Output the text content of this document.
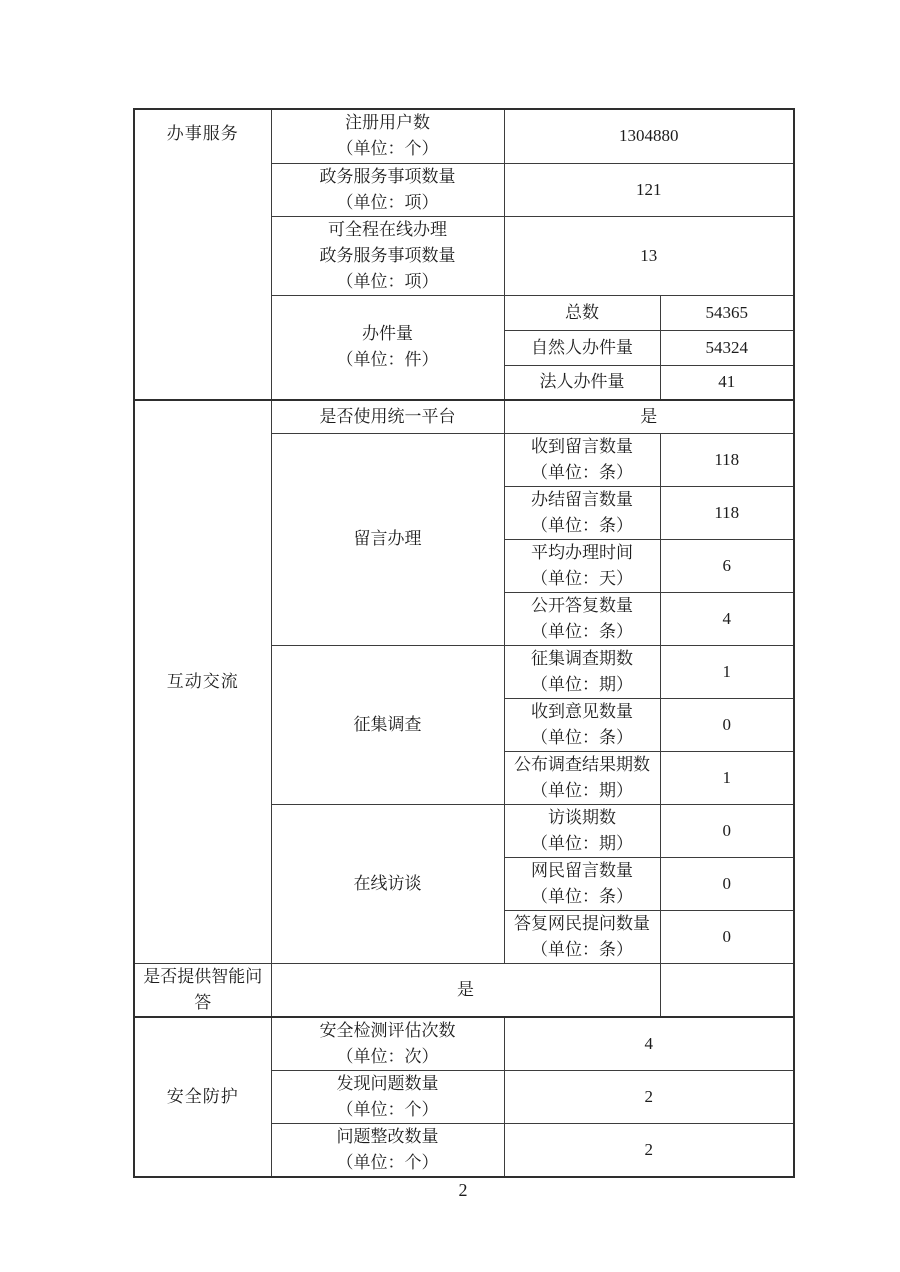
办事服务	注册用户数
（单位：个）	1304880	

	政务服务事项数量
（单位：项）	121	

	可全程在线办理
政务服务事项数量
（单位：项）	13	

	办件量
（单位：件）	总数	54365
		自然人办件量	54324
		法人办件量	41
互动交流	是否使用统一平台	是	
	留言办理	收到留言数量
（单位：条）	118

		办结留言数量
（单位：条）	118

		平均办理时间
（单位：天）	6

		公开答复数量
（单位：条）	4
	征集调查	征集调查期数
（单位：期）	1

		收到意见数量
（单位：条）	0

		公布调查结果期数
（单位：期）	1
	在线访谈	访谈期数
（单位：期）	0

		网民留言数量
（单位：条）	0

		答复网民提问数量
（单位：条）	0
是否提供智能问答	是		
安全防护	安全检测评估次数
（单位：次）	4	

	发现问题数量
（单位：个）	2	

	问题整改数量
（单位：个）	2	
2
